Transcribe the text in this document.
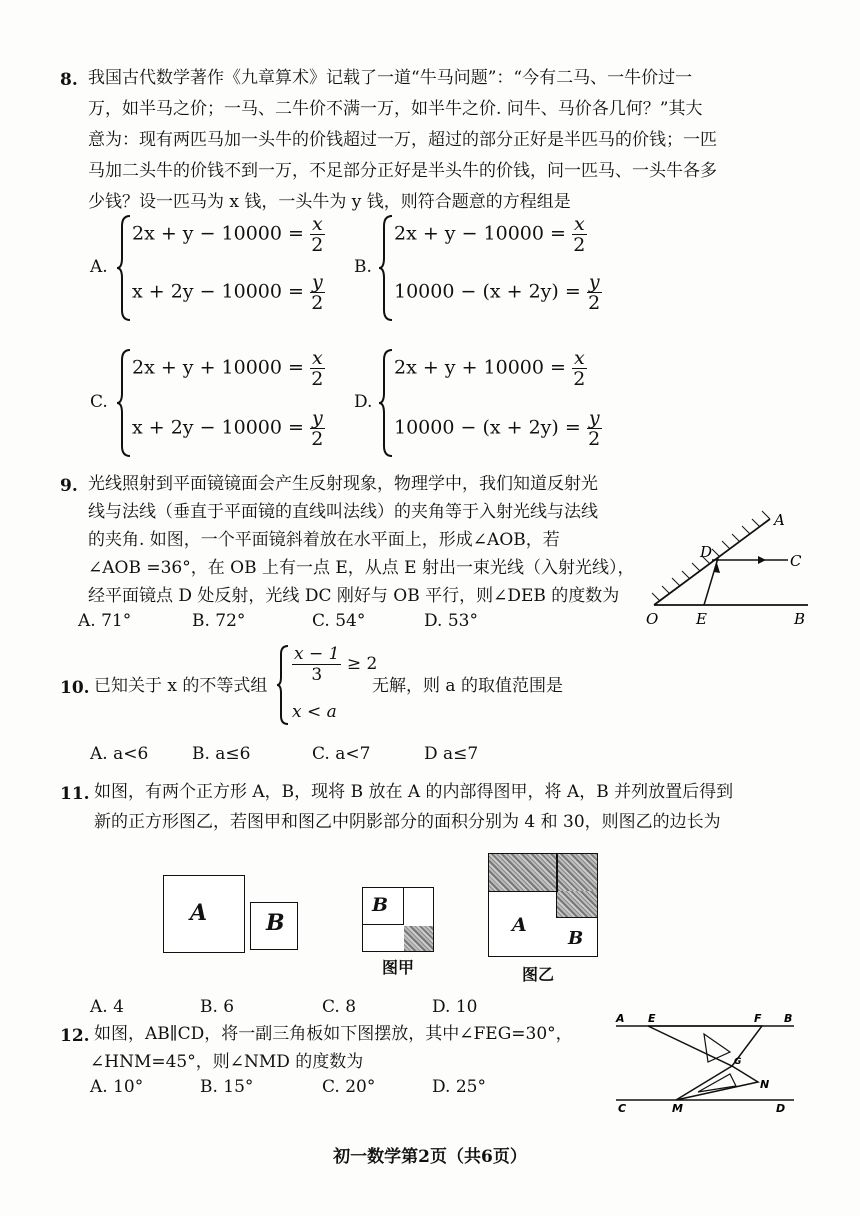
8. 我国古代数学著作《九章算术》记载了一道“牛马问题”：“今有二马、一牛价过一
万，如半马之价；一马、二牛价不满一万，如半牛之价. 问牛、马价各几何？”其大
意为：现有两匹马加一头牛的价钱超过一万，超过的部分正好是半匹马的价钱；一匹
马加二头牛的价钱不到一万，不足部分正好是半头牛的价钱，问一匹马、一头牛各多
少钱？设一匹马为 x 钱，一头牛为 y 钱，则符合题意的方程组是
A.
$2x + y - 10000 = \frac{x}{2}$
$x + 2y - 10000 = \frac{y}{2}$
B.
$2x + y - 10000 = \frac{x}{2}$
$10000 - (x + 2y) = \frac{y}{2}$
C.
$2x + y + 10000 = \frac{x}{2}$
$x + 2y - 10000 = \frac{y}{2}$
D.
$2x + y + 10000 = \frac{x}{2}$
$10000 - (x + 2y) = \frac{y}{2}$
9. 光线照射到平面镜镜面会产生反射现象，物理学中，我们知道反射光
线与法线（垂直于平面镜的直线叫法线）的夹角等于入射光线与法线
的夹角. 如图，一个平面镜斜着放在水平面上，形成∠AOB，若
∠AOB =36°，在 OB 上有一点 E，从点 E 射出一束光线（入射光线），
经平面镜点 D 处反射，光线 DC 刚好与 OB 平行，则∠DEB 的度数为
A. 71°	B. 72°	C. 54°	D. 53°
A
D	C
O	E	B
10. 已知关于 x 的不等式组
$\frac{x - 1}{3} \ge 2$
x < a
无解，则 a 的取值范围是
A. a<6	B. a≤6	C. a<7	D a≤7
11. 如图，有两个正方形 A，B，现将 B 放在 A 的内部得图甲，将 A，B 并列放置后得到
新的正方形图乙，若图甲和图乙中阴影部分的面积分别为 4 和 30，则图乙的边长为
A	B
B
图甲
A
B
图乙
A. 4	B. 6	C. 8	D. 10
12. 如图，AB∥CD，将一副三角板如下图摆放，其中∠FEG=30°，
∠HNM=45°，则∠NMD 的度数为
A. 10°	B. 15°	C. 20°	D. 25°
A E	F B
G
N
C	M	D
初一数学第2页（共6页）
